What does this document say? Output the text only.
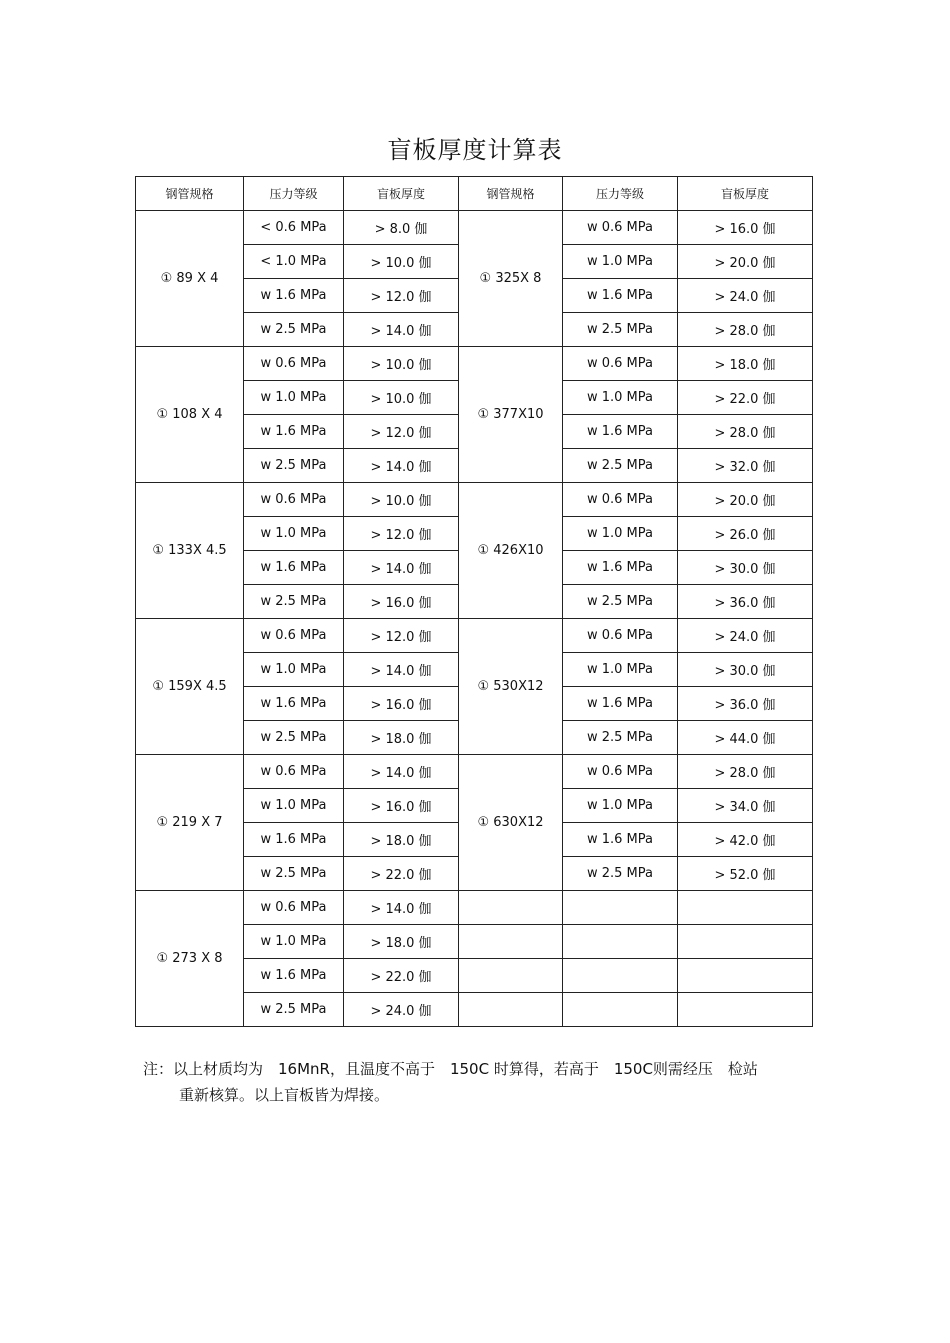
盲板厚度计算表
钢管规格	压力等级	盲板厚度	钢管规格	压力等级	盲板厚度
① 89 X 4	< 0.6 MPa	> 8.0 伽	① 325X 8	w 0.6 MPa	> 16.0 伽
	< 1.0 MPa	> 10.0 伽		w 1.0 MPa	> 20.0 伽
	w 1.6 MPa	> 12.0 伽		w 1.6 MPa	> 24.0 伽
	w 2.5 MPa	> 14.0 伽		w 2.5 MPa	> 28.0 伽
① 108 X 4	w 0.6 MPa	> 10.0 伽	① 377X10	w 0.6 MPa	> 18.0 伽
	w 1.0 MPa	> 10.0 伽		w 1.0 MPa	> 22.0 伽
	w 1.6 MPa	> 12.0 伽		w 1.6 MPa	> 28.0 伽
	w 2.5 MPa	> 14.0 伽		w 2.5 MPa	> 32.0 伽
① 133X 4.5	w 0.6 MPa	> 10.0 伽	① 426X10	w 0.6 MPa	> 20.0 伽
	w 1.0 MPa	> 12.0 伽		w 1.0 MPa	> 26.0 伽
	w 1.6 MPa	> 14.0 伽		w 1.6 MPa	> 30.0 伽
	w 2.5 MPa	> 16.0 伽		w 2.5 MPa	> 36.0 伽
① 159X 4.5	w 0.6 MPa	> 12.0 伽	① 530X12	w 0.6 MPa	> 24.0 伽
	w 1.0 MPa	> 14.0 伽		w 1.0 MPa	> 30.0 伽
	w 1.6 MPa	> 16.0 伽		w 1.6 MPa	> 36.0 伽
	w 2.5 MPa	> 18.0 伽		w 2.5 MPa	> 44.0 伽
① 219 X 7	w 0.6 MPa	> 14.0 伽	① 630X12	w 0.6 MPa	> 28.0 伽
	w 1.0 MPa	> 16.0 伽		w 1.0 MPa	> 34.0 伽
	w 1.6 MPa	> 18.0 伽		w 1.6 MPa	> 42.0 伽
	w 2.5 MPa	> 22.0 伽		w 2.5 MPa	> 52.0 伽
① 273 X 8	w 0.6 MPa	> 14.0 伽			
	w 1.0 MPa	> 18.0 伽			
	w 1.6 MPa	> 22.0 伽			
	w 2.5 MPa	> 24.0 伽			
注：以上材质均为　16MnR，且温度不高于　150C 时算得，若高于　150C则需经压　检站
重新核算。以上盲板皆为焊接。
